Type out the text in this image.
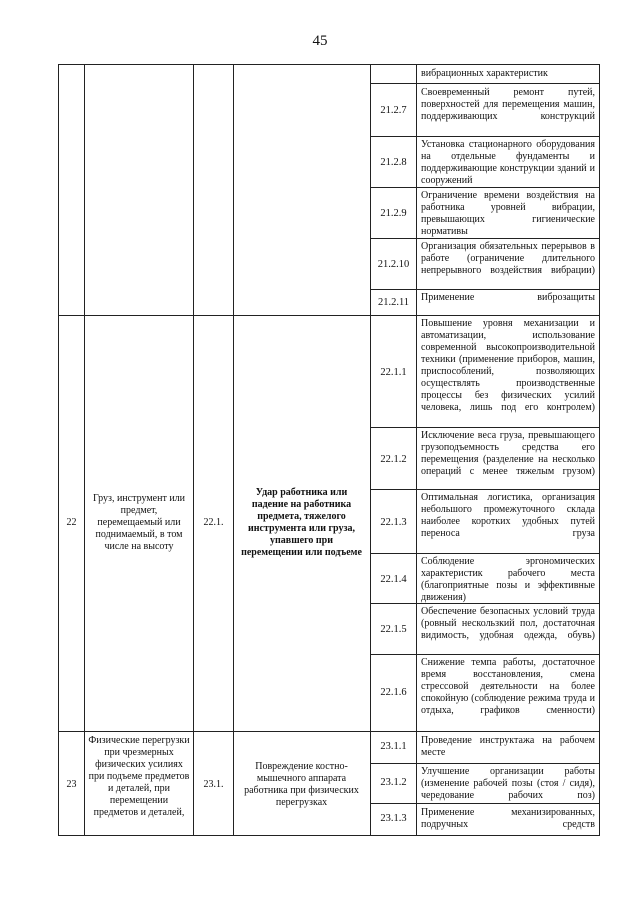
45
вибрационных характеристик
21.2.7
Своевременный ремонт путей, поверхностей для перемещения машин, поддерживающих конструкций
21.2.8
Установка стационарного оборудования на отдельные фундаменты и поддерживающие конструкции зданий и сооружений
21.2.9
Ограничение времени воздействия на работника уровней вибрации, превышающих гигиенические нормативы
21.2.10
Организация обязательных перерывов в работе (ограничение длительного непрерывного воздействия вибрации)
21.2.11	Применение виброзащиты
22
Груз, инструмент или предмет, перемещаемый или поднимаемый, в том числе на высоту
22.1.
Удар работника или падение на работника предмета, тяжелого инструмента или груза, упавшего при перемещении или подъеме
22.1.1
Повышение уровня механизации и автоматизации, использование современной высокопроизводительной техники (применение приборов, машин, приспособлений, позволяющих осуществлять производственные процессы без физических усилий человека, лишь под его контролем)
22.1.2
Исключение веса груза, превышающего грузоподъемность средства его перемещения (разделение на несколько операций с менее тяжелым грузом)
22.1.3
Оптимальная логистика, организация небольшого промежуточного склада наиболее коротких удобных путей переноса груза
22.1.4
Соблюдение эргономических характеристик рабочего места (благоприятные позы и эффективные движения)
22.1.5
Обеспечение безопасных условий труда (ровный нескользкий пол, достаточная видимость, удобная одежда, обувь)
22.1.6
Снижение темпа работы, достаточное время восстановления, смена стрессовой деятельности на более спокойную (соблюдение режима труда и отдыха, графиков сменности)
23
Физические перегрузки при чрезмерных физических усилиях при подъеме предметов и деталей, при перемещении предметов и деталей,
23.1.
Повреждение костно-мышечного аппарата работника при физических перегрузках
23.1.1
Проведение инструктажа на рабочем месте
23.1.2
Улучшение организации работы (изменение рабочей позы (стоя / сидя), чередование рабочих поз)
23.1.3
Применение механизированных, подручных средств
